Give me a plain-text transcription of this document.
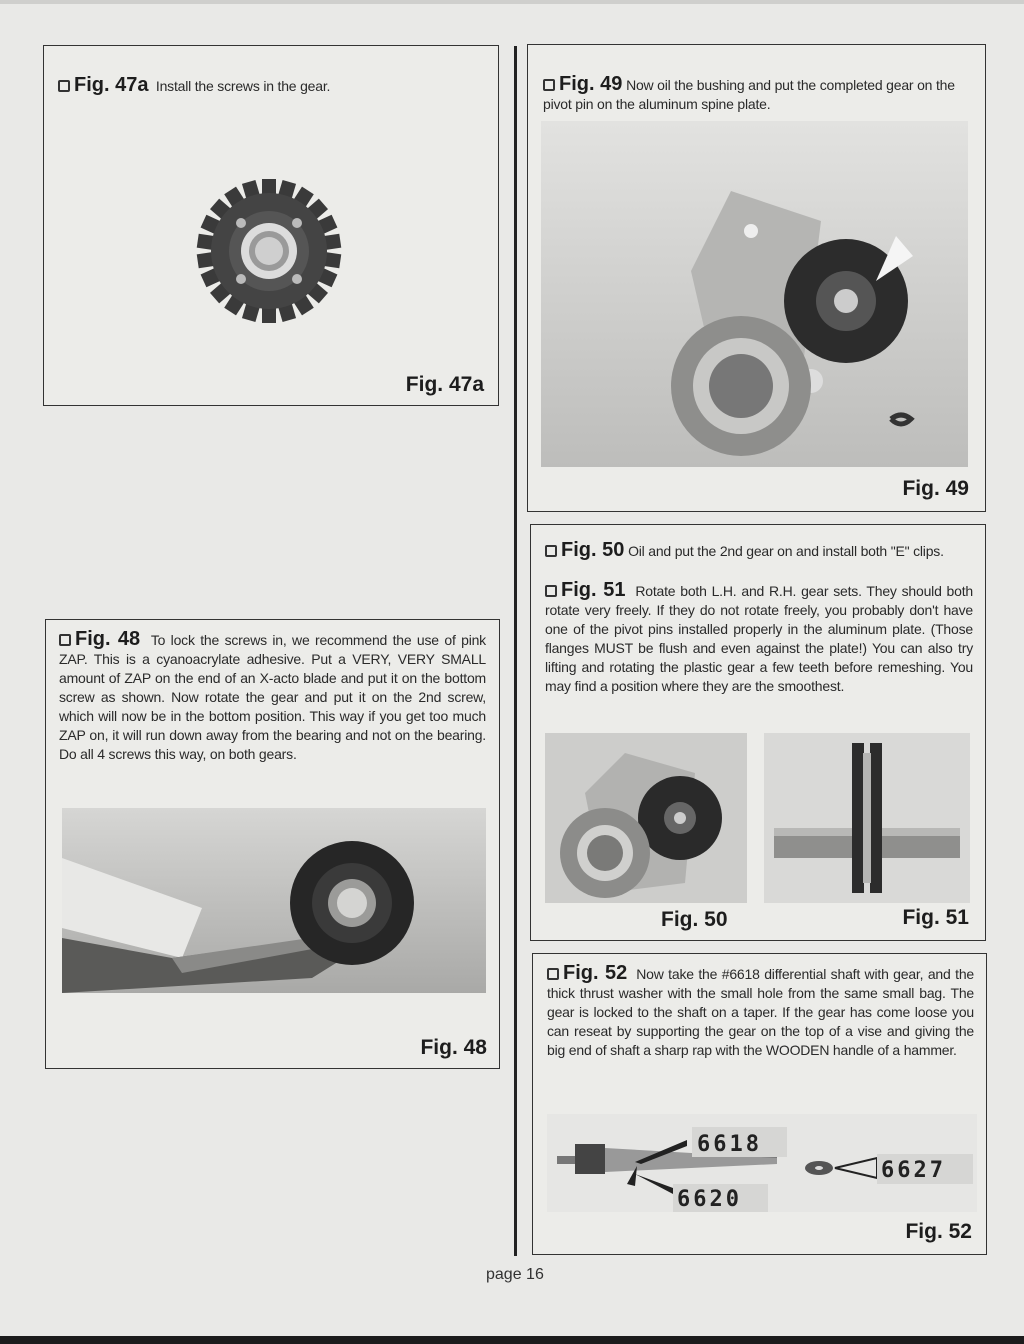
Fig. 47a Install the screws in the gear.
Fig. 47a
Fig. 49 Now oil the bushing and put the completed gear on the pivot pin on the aluminum spine plate.
Fig. 49
Fig. 48 To lock the screws in, we recommend the use of pink ZAP. This is a cyanoacrylate adhesive. Put a VERY, VERY SMALL amount of ZAP on the end of an X-acto blade and put it on the bottom screw as shown. Now rotate the gear and put it on the 2nd screw, which will now be in the bottom position. This way if you get too much ZAP on, it will run down away from the bearing and not on the bearing. Do all 4 screws this way, on both gears.
Fig. 48
Fig. 50 Oil and put the 2nd gear on and install both "E" clips.
Fig. 51 Rotate both L.H. and R.H. gear sets. They should both rotate very freely. If they do not rotate freely, you probably don't have one of the pivot pins installed properly in the aluminum plate. (Those flanges MUST be flush and even against the plate!) You can also try lifting and rotating the plastic gear a few teeth before remeshing. You may find a position where they are the smoothest.
Fig. 50	Fig. 51
Fig. 52 Now take the #6618 differential shaft with gear, and the thick thrust washer with the small hole from the same small bag. The gear is locked to the shaft on a taper. If the gear has come loose you can reseat by supporting the gear on the top of a vise and giving the big end of shaft a sharp rap with the WOODEN handle of a hammer.
6618
6620
6627
Fig. 52
page 16
